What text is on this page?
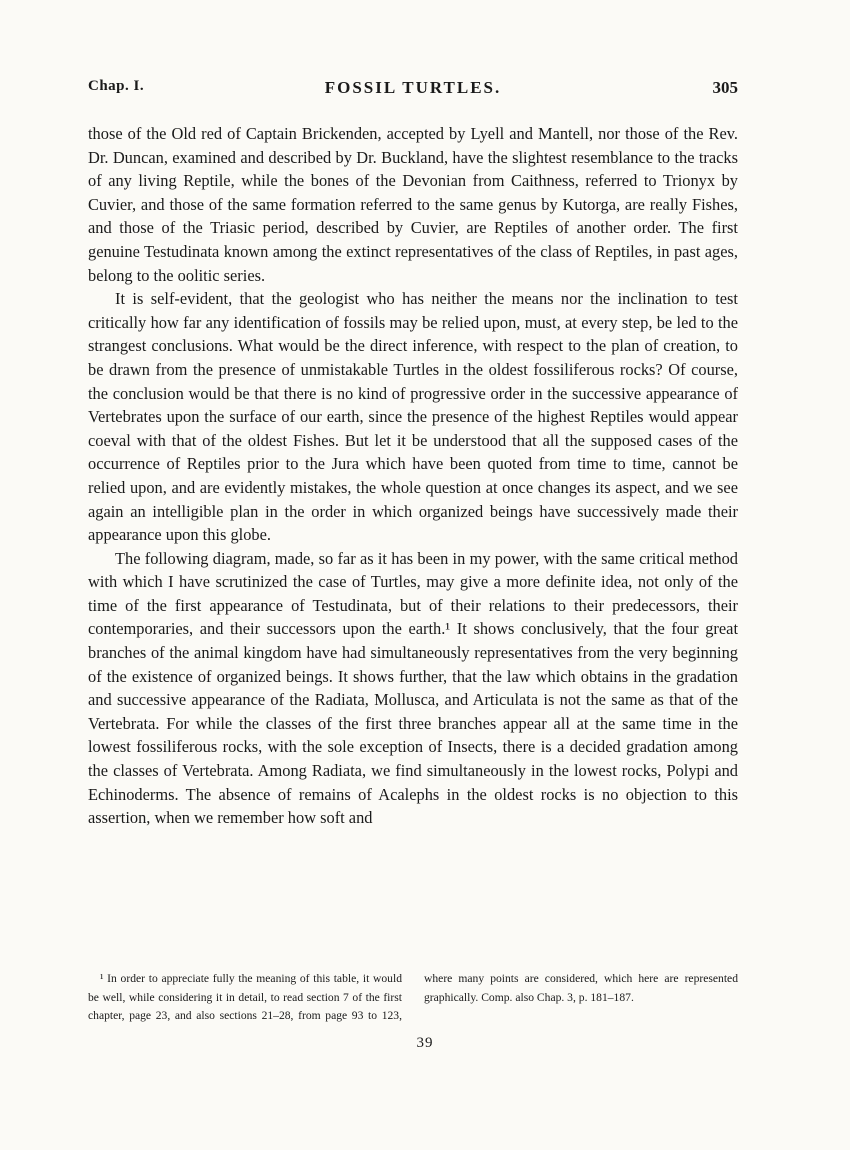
Chap. I.	FOSSIL TURTLES.	305

those of the Old red of Captain Brickenden, accepted by Lyell and Mantell, nor those of the Rev. Dr. Duncan, examined and described by Dr. Buckland, have the slightest resemblance to the tracks of any living Reptile, while the bones of the Devonian from Caithness, referred to Trionyx by Cuvier, and those of the same formation referred to the same genus by Kutorga, are really Fishes, and those of the Triasic period, described by Cuvier, are Reptiles of another order. The first genuine Testudinata known among the extinct representatives of the class of Reptiles, in past ages, belong to the oolitic series.

It is self-evident, that the geologist who has neither the means nor the inclination to test critically how far any identification of fossils may be relied upon, must, at every step, be led to the strangest conclusions. What would be the direct inference, with respect to the plan of creation, to be drawn from the presence of unmistakable Turtles in the oldest fossiliferous rocks? Of course, the conclusion would be that there is no kind of progressive order in the successive appearance of Vertebrates upon the surface of our earth, since the presence of the highest Reptiles would appear coeval with that of the oldest Fishes. But let it be understood that all the supposed cases of the occurrence of Reptiles prior to the Jura which have been quoted from time to time, cannot be relied upon, and are evidently mistakes, the whole question at once changes its aspect, and we see again an intelligible plan in the order in which organized beings have successively made their appearance upon this globe.

The following diagram, made, so far as it has been in my power, with the same critical method with which I have scrutinized the case of Turtles, may give a more definite idea, not only of the time of the first appearance of Testudinata, but of their relations to their predecessors, their contemporaries, and their successors upon the earth.¹ It shows conclusively, that the four great branches of the animal kingdom have had simultaneously representatives from the very beginning of the existence of organized beings. It shows further, that the law which obtains in the gradation and successive appearance of the Radiata, Mollusca, and Articulata is not the same as that of the Vertebrata. For while the classes of the first three branches appear all at the same time in the lowest fossiliferous rocks, with the sole exception of Insects, there is a decided gradation among the classes of Vertebrata. Among Radiata, we find simultaneously in the lowest rocks, Polypi and Echinoderms. The absence of remains of Acalephs in the oldest rocks is no objection to this assertion, when we remember how soft and

¹ In order to appreciate fully the meaning of this table, it would be well, while considering it in detail, to read section 7 of the first chapter, page 23, and also sections 21–28, from page 93 to 123, where many points are considered, which here are represented graphically. Comp. also Chap. 3, p. 181–187.

39
